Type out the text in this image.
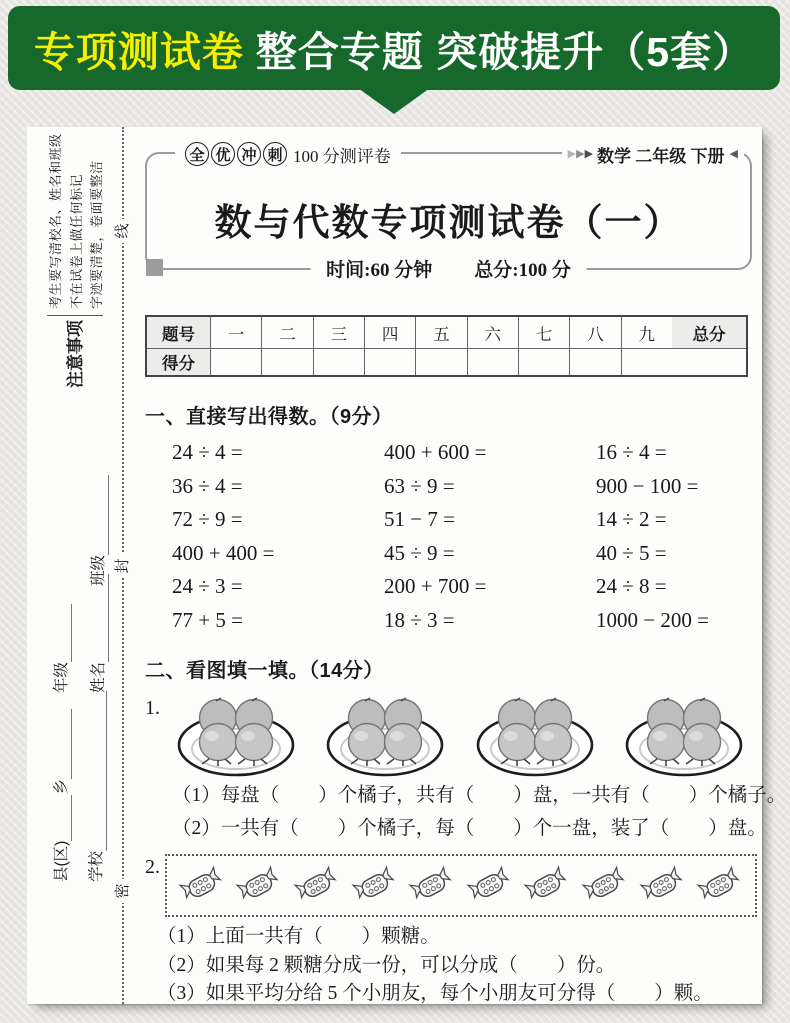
专项测试卷 整合专题 突破提升（5套）
注意事项
考生要写清校名、姓名和班级 不在试卷上做任何标记 字迹要清楚，卷面要整洁
班级
年级 姓名
县(区)
乡
学校
线
封
密
全 优 冲 刺 100 分测评卷	▶ ▶ ▶ 数学 二年级 下册 ◀
数与代数专项测试卷（一）
时间:60 分钟 总分:100 分
题号	一	二	三	四	五	六	七	八	九	总分
得分
一、直接写出得数。（9分）
24 ÷ 4 =	400 + 600 =	16 ÷ 4 =
36 ÷ 4 =	63 ÷ 9 =	900 − 100 =
72 ÷ 9 =	51 − 7 =	14 ÷ 2 =
400 + 400 =	45 ÷ 9 =	40 ÷ 5 =
24 ÷ 3 =	200 + 700 =	24 ÷ 8 =
77 + 5 =	18 ÷ 3 =	1000 − 200 =
二、看图填一填。（14分）
1.
（1）每盘（　　）个橘子，共有（　　）盘，一共有（　　）个橘子。
（2）一共有（　　）个橘子，每（　　）个一盘，装了（　　）盘。
2.
（1）上面一共有（　　）颗糖。
（2）如果每 2 颗糖分成一份，可以分成（　　）份。
（3）如果平均分给 5 个小朋友，每个小朋友可分得（　　）颗。
